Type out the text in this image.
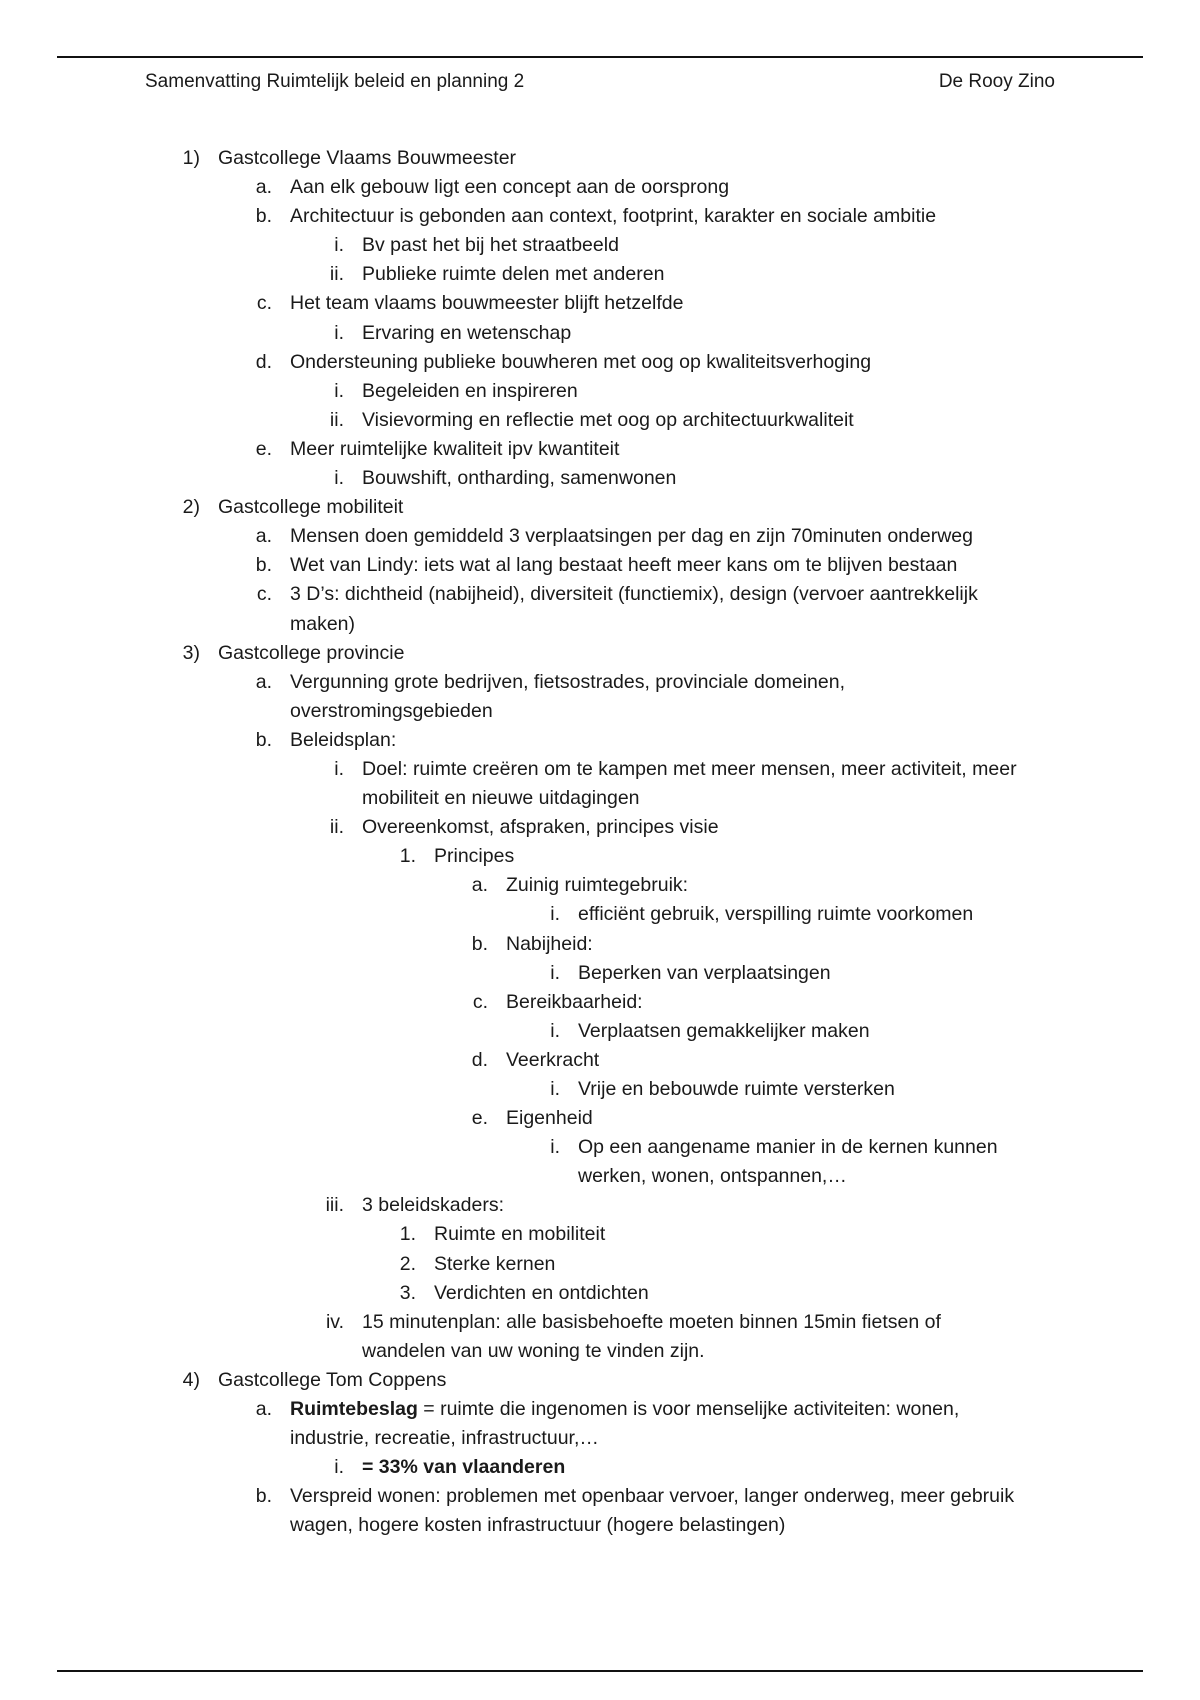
Samenvatting Ruimtelijk beleid en planning 2	De Rooy Zino
1) Gastcollege Vlaams Bouwmeester
a. Aan elk gebouw ligt een concept aan de oorsprong
b. Architectuur is gebonden aan context, footprint, karakter en sociale ambitie
i. Bv past het bij het straatbeeld
ii. Publieke ruimte delen met anderen
c. Het team vlaams bouwmeester blijft hetzelfde
i. Ervaring en wetenschap
d. Ondersteuning publieke bouwheren met oog op kwaliteitsverhoging
i. Begeleiden en inspireren
ii. Visievorming en reflectie met oog op architectuurkwaliteit
e. Meer ruimtelijke kwaliteit ipv kwantiteit
i. Bouwshift, ontharding, samenwonen
2) Gastcollege mobiliteit
a. Mensen doen gemiddeld 3 verplaatsingen per dag en zijn 70minuten onderweg
b. Wet van Lindy: iets wat al lang bestaat heeft meer kans om te blijven bestaan
c. 3 D’s: dichtheid (nabijheid), diversiteit (functiemix), design (vervoer aantrekkelijk
maken)
3) Gastcollege provincie
a. Vergunning grote bedrijven, fietsostrades, provinciale domeinen,
overstromingsgebieden
b. Beleidsplan:
i. Doel: ruimte creëren om te kampen met meer mensen, meer activiteit, meer
mobiliteit en nieuwe uitdagingen
ii. Overeenkomst, afspraken, principes visie
1. Principes
a. Zuinig ruimtegebruik:
i. efficiënt gebruik, verspilling ruimte voorkomen
b. Nabijheid:
i. Beperken van verplaatsingen
c. Bereikbaarheid:
i. Verplaatsen gemakkelijker maken
d. Veerkracht
i. Vrije en bebouwde ruimte versterken
e. Eigenheid
i. Op een aangename manier in de kernen kunnen
werken, wonen, ontspannen,…
iii. 3 beleidskaders:
1. Ruimte en mobiliteit
2. Sterke kernen
3. Verdichten en ontdichten
iv. 15 minutenplan: alle basisbehoefte moeten binnen 15min fietsen of
wandelen van uw woning te vinden zijn.
4) Gastcollege Tom Coppens
a. Ruimtebeslag = ruimte die ingenomen is voor menselijke activiteiten: wonen,
industrie, recreatie, infrastructuur,…
i. = 33% van vlaanderen
b. Verspreid wonen: problemen met openbaar vervoer, langer onderweg, meer gebruik
wagen, hogere kosten infrastructuur (hogere belastingen)
